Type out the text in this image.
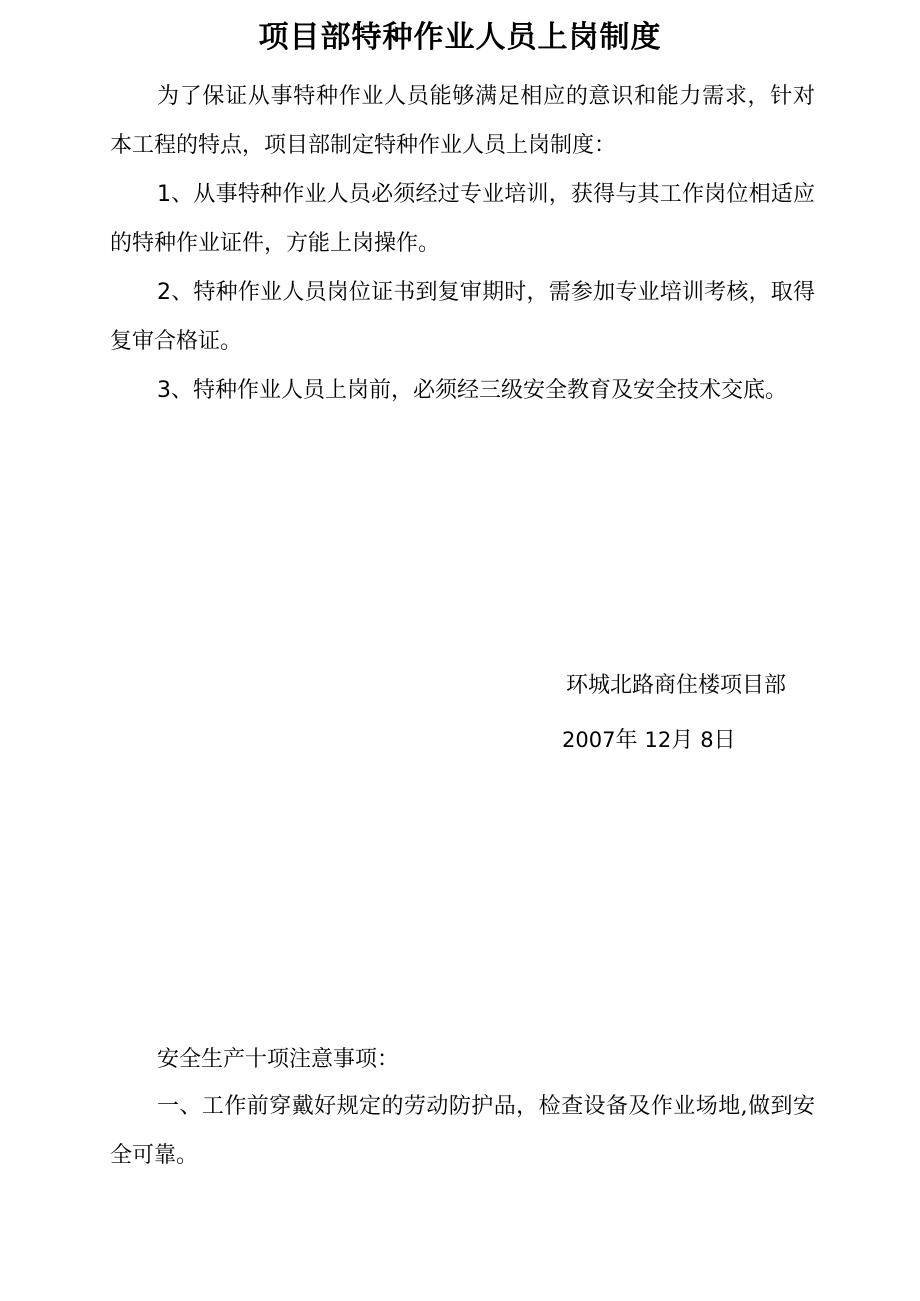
项目部特种作业人员上岗制度
为了保证从事特种作业人员能够满足相应的意识和能力需求，针对本工程的特点，项目部制定特种作业人员上岗制度：
1、从事特种作业人员必须经过专业培训，获得与其工作岗位相适应的特种作业证件，方能上岗操作。
2、特种作业人员岗位证书到复审期时，需参加专业培训考核，取得复审合格证。
3、特种作业人员上岗前，必须经三级安全教育及安全技术交底。
环城北路商住楼项目部
2007年 12月 8日
安全生产十项注意事项：
一、工作前穿戴好规定的劳动防护品，检查设备及作业场地,做到安全可靠。
